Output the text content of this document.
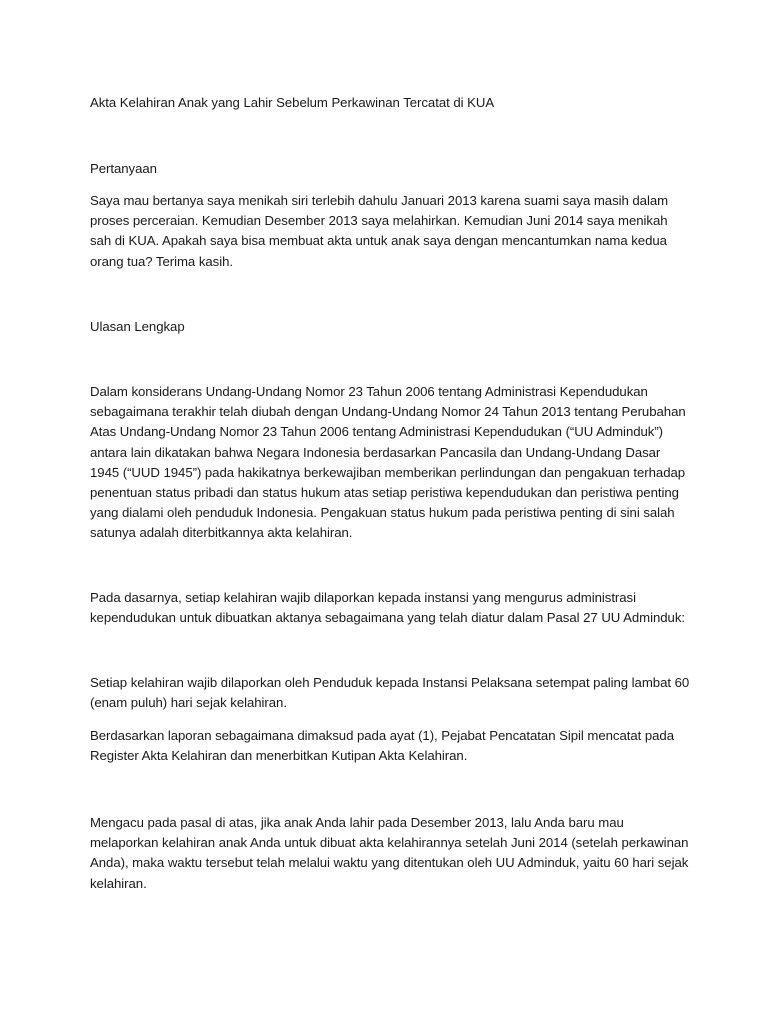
Akta Kelahiran Anak yang Lahir Sebelum Perkawinan Tercatat di KUA

Pertanyaan

Saya mau bertanya saya menikah siri terlebih dahulu Januari 2013 karena suami saya masih dalam proses perceraian. Kemudian Desember 2013 saya melahirkan. Kemudian Juni 2014 saya menikah sah di KUA. Apakah saya bisa membuat akta untuk anak saya dengan mencantumkan nama kedua orang tua? Terima kasih.

Ulasan Lengkap

Dalam konsiderans Undang-Undang Nomor 23 Tahun 2006 tentang Administrasi Kependudukan sebagaimana terakhir telah diubah dengan Undang-Undang Nomor 24 Tahun 2013 tentang Perubahan Atas Undang-Undang Nomor 23 Tahun 2006 tentang Administrasi Kependudukan (“UU Adminduk”) antara lain dikatakan bahwa Negara Indonesia berdasarkan Pancasila dan Undang-Undang Dasar 1945 (“UUD 1945”) pada hakikatnya berkewajiban memberikan perlindungan dan pengakuan terhadap penentuan status pribadi dan status hukum atas setiap peristiwa kependudukan dan peristiwa penting yang dialami oleh penduduk Indonesia. Pengakuan status hukum pada peristiwa penting di sini salah satunya adalah diterbitkannya akta kelahiran.

Pada dasarnya, setiap kelahiran wajib dilaporkan kepada instansi yang mengurus administrasi kependudukan untuk dibuatkan aktanya sebagaimana yang telah diatur dalam Pasal 27 UU Adminduk:

Setiap kelahiran wajib dilaporkan oleh Penduduk kepada Instansi Pelaksana setempat paling lambat 60 (enam puluh) hari sejak kelahiran.

Berdasarkan laporan sebagaimana dimaksud pada ayat (1), Pejabat Pencatatan Sipil mencatat pada Register Akta Kelahiran dan menerbitkan Kutipan Akta Kelahiran.

Mengacu pada pasal di atas, jika anak Anda lahir pada Desember 2013, lalu Anda baru mau melaporkan kelahiran anak Anda untuk dibuat akta kelahirannya setelah Juni 2014 (setelah perkawinan Anda), maka waktu tersebut telah melalui waktu yang ditentukan oleh UU Adminduk, yaitu 60 hari sejak kelahiran.
